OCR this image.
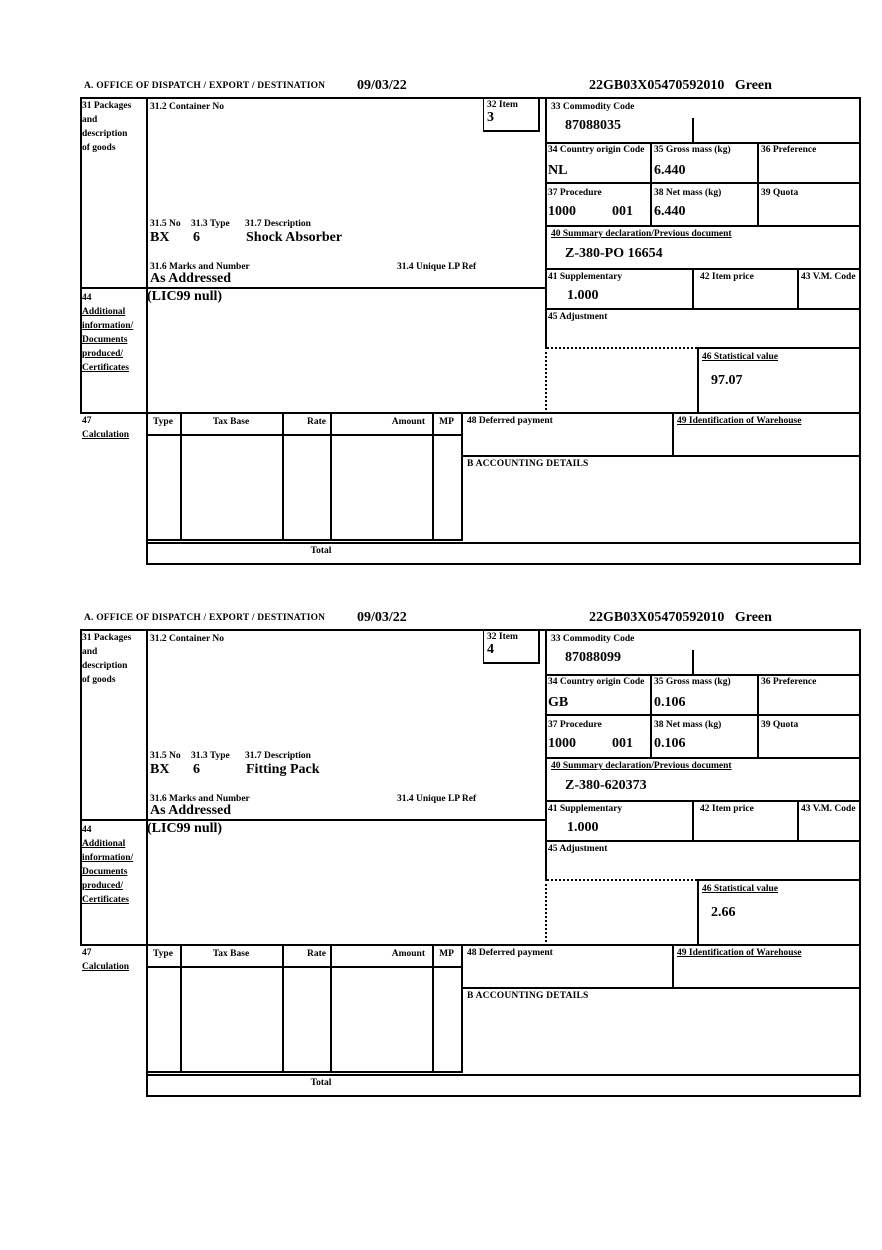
A. OFFICE OF DISPATCH / EXPORT / DESTINATION 09/03/22	22GB03X05470592010   Green
31 Packages
and
description
of goods
31.2 Container No	32 Item
3
31.5 No 31.3 Type 31.7 Description
BX 6	Shock Absorber
31.6 Marks and Number	31.4 Unique LP Ref
As Addressed
44
Additional
information/
Documents
produced/
Certificates
(LIC99 null)
33 Commodity Code
87088035
34 Country origin Code
NL
35 Gross mass (kg)
6.440
36 Preference
37 Procedure
1000	001
38 Net mass (kg)
6.440
39 Quota
40 Summary declaration/Previous document
Z-380-PO 16654
41 Supplementary
1.000
42 Item price	43 V.M. Code
45 Adjustment
46 Statistical value
97.07
47
Calculation
Type	Tax Base	Rate	Amount	MP	48 Deferred payment	49 Identification of Warehouse
B ACCOUNTING DETAILS
Total
A. OFFICE OF DISPATCH / EXPORT / DESTINATION 09/03/22	22GB03X05470592010   Green
31 Packages
and
description
of goods
31.2 Container No	32 Item
4
31.5 No 31.3 Type 31.7 Description
BX 6	Fitting Pack
31.6 Marks and Number	31.4 Unique LP Ref
As Addressed
44
Additional
information/
Documents
produced/
Certificates
(LIC99 null)
33 Commodity Code
87088099
34 Country origin Code
GB
35 Gross mass (kg)
0.106
36 Preference
37 Procedure
1000	001
38 Net mass (kg)
0.106
39 Quota
40 Summary declaration/Previous document
Z-380-620373
41 Supplementary
1.000
42 Item price	43 V.M. Code
45 Adjustment
46 Statistical value
2.66
47
Calculation
Type	Tax Base	Rate	Amount	MP	48 Deferred payment	49 Identification of Warehouse
B ACCOUNTING DETAILS
Total
